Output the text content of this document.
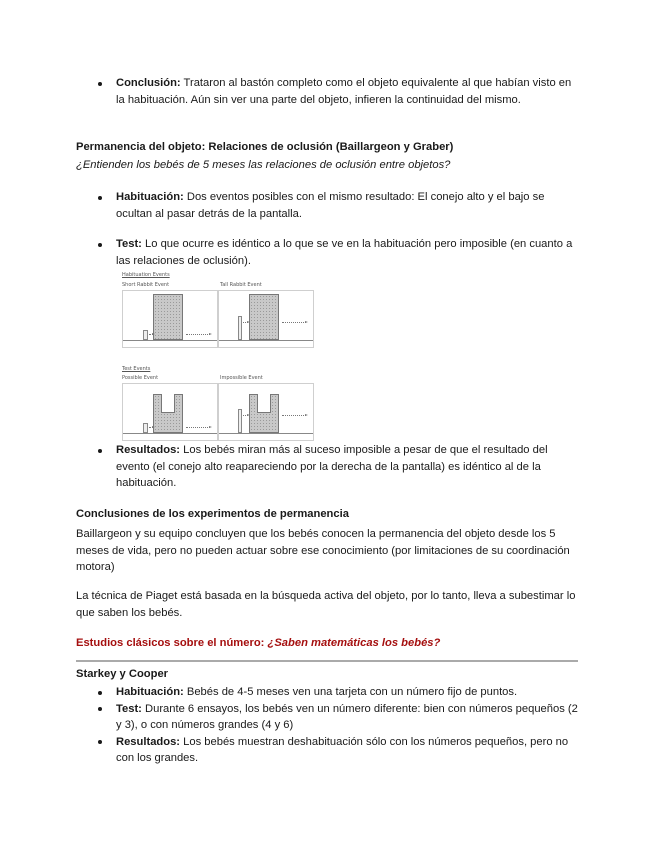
Conclusión: Trataron al bastón completo como el objeto equivalente al que habían visto en la habituación. Aún sin ver una parte del objeto, infieren la continuidad del mismo.
Permanencia del objeto: Relaciones de oclusión (Baillargeon y Graber)
¿Entienden los bebés de 5 meses las relaciones de oclusión entre objetos?
Habituación: Dos eventos posibles con el mismo resultado: El conejo alto y el bajo se ocultan al pasar detrás de la pantalla.
Test: Lo que ocurre es idéntico a lo que se ve en la habituación pero imposible (en cuanto a las relaciones de oclusión).
Habituation Events
Short Rabbit Event	Tall Rabbit Event
Test Events
Possible Event	Impossible Event
Resultados: Los bebés miran más al suceso imposible a pesar de que el resultado del evento (el conejo alto reapareciendo por la derecha de la pantalla) es idéntico al de la habituación.
Conclusiones de los experimentos de permanencia
Baillargeon y su equipo concluyen que los bebés conocen la permanencia del objeto desde los 5 meses de vida, pero no pueden actuar sobre ese conocimiento (por limitaciones de su coordinación motora)
La técnica de Piaget está basada en la búsqueda activa del objeto, por lo tanto, lleva a subestimar lo que saben los bebés.
Estudios clásicos sobre el número: ¿Saben matemáticas los bebés?
Starkey y Cooper
Habituación: Bebés de 4-5 meses ven una tarjeta con un número fijo de puntos.
Test: Durante 6 ensayos, los bebés ven un número diferente: bien con números pequeños (2 y 3), o con números grandes (4 y 6)
Resultados: Los bebés muestran deshabituación sólo con los números pequeños, pero no con los grandes.
